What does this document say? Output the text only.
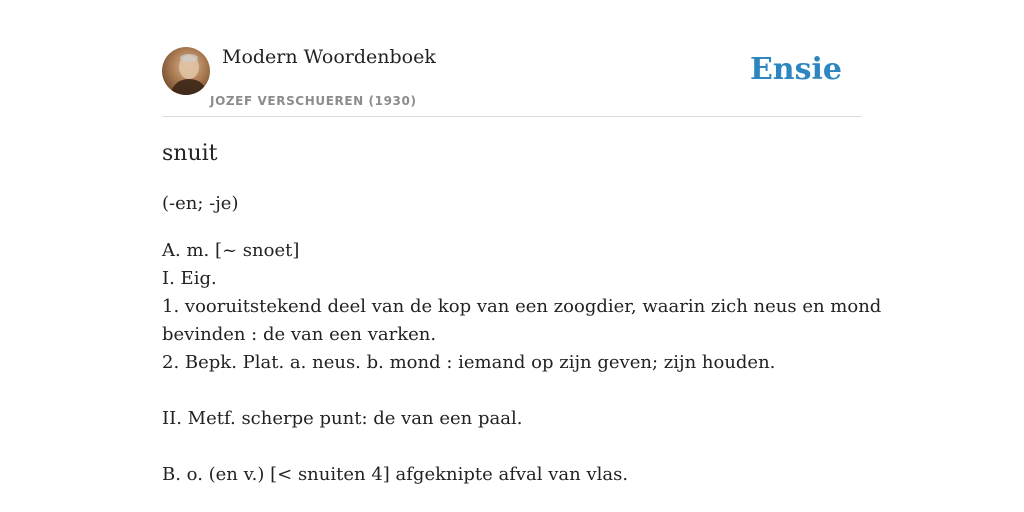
Modern Woordenboek
JOZEF VERSCHUEREN (1930)
Ensie
snuit
(-en; -je)
A. m. [~ snoet]
I. Eig.
1. vooruitstekend deel van de kop van een zoogdier, waarin zich neus en mond
bevinden : de van een varken.
2. Bepk. Plat. a. neus. b. mond : iemand op zijn geven; zijn houden.
II. Metf. scherpe punt: de van een paal.
B. o. (en v.) [< snuiten 4] afgeknipte afval van vlas.
